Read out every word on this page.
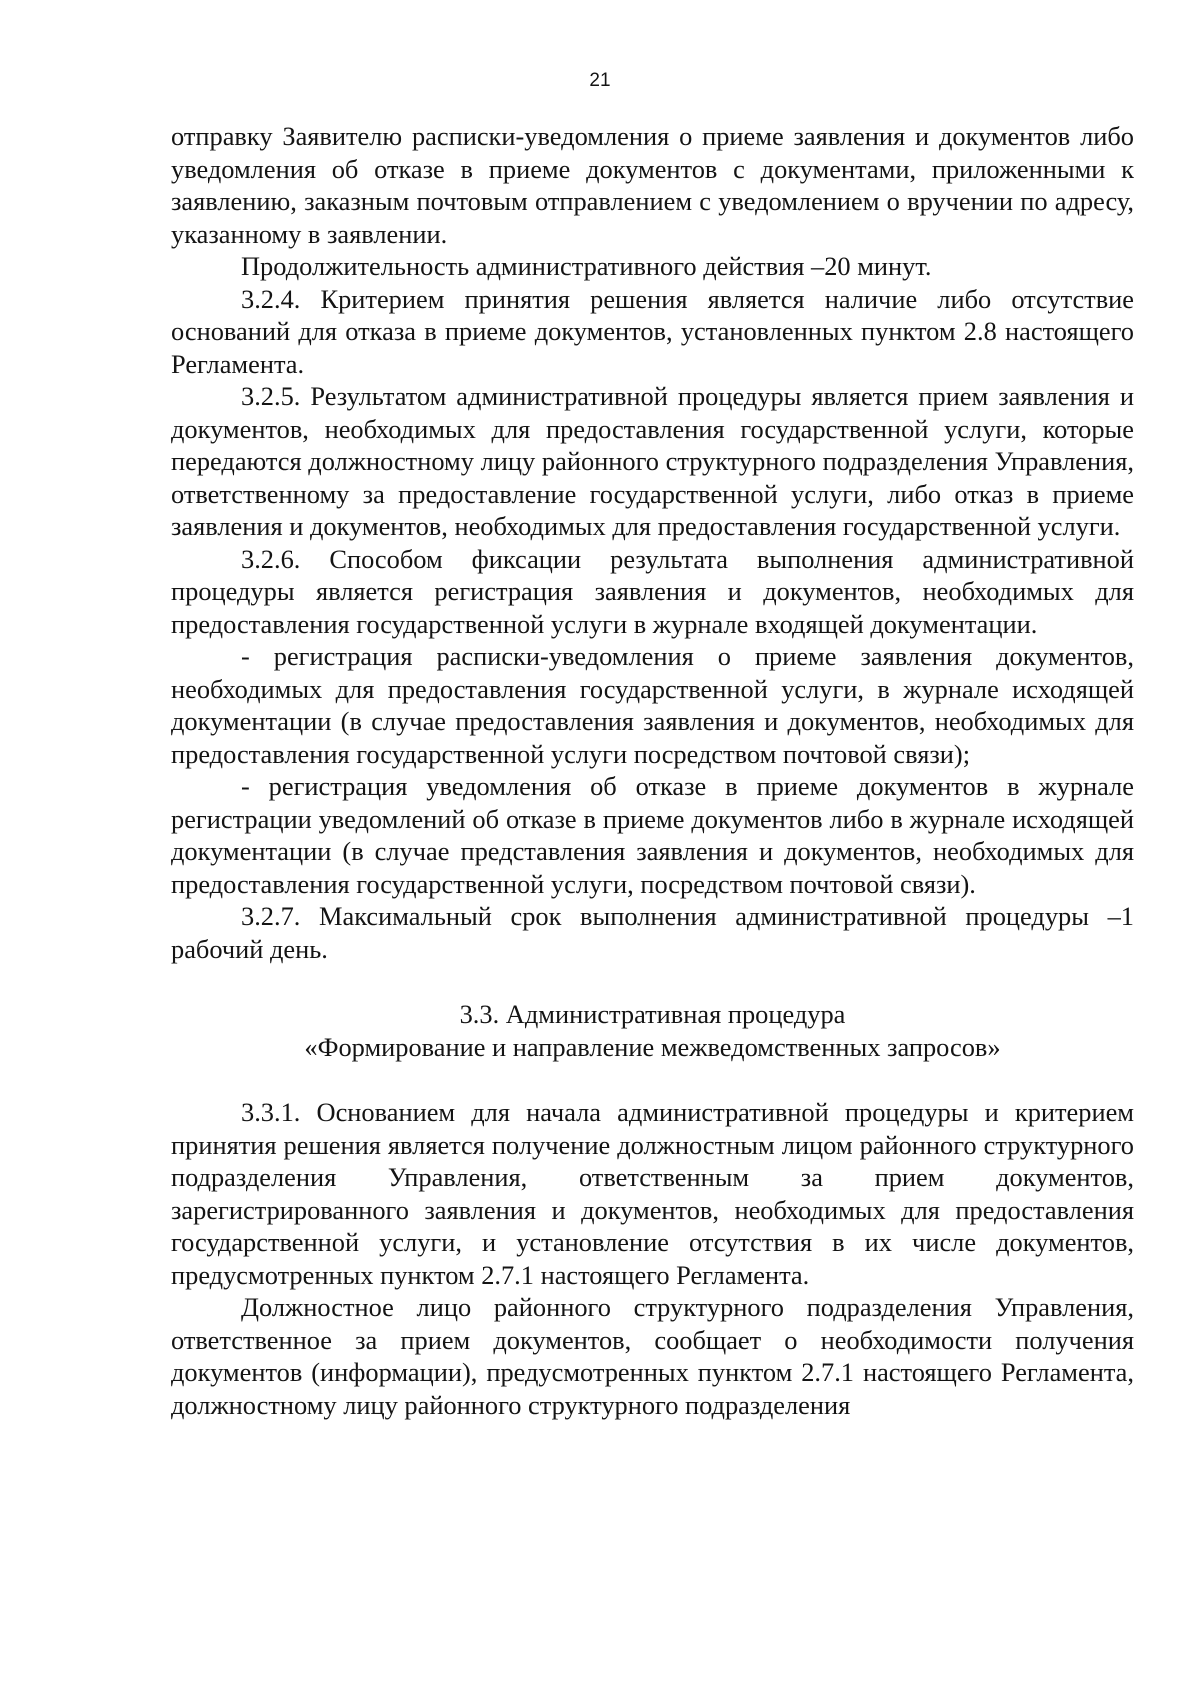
21

отправку Заявителю расписки-уведомления о приеме заявления и документов либо уведомления об отказе в приеме документов с документами, приложенными к заявлению, заказным почтовым отправлением с уведомлением о вручении по адресу, указанному в заявлении.

Продолжительность административного действия –20 минут.

3.2.4. Критерием принятия решения является наличие либо отсутствие оснований для отказа в приеме документов, установленных пунктом 2.8 настоящего Регламента.

3.2.5. Результатом административной процедуры является прием заявления и документов, необходимых для предоставления государственной услуги, которые передаются должностному лицу районного структурного подразделения Управления, ответственному за предоставление государственной услуги, либо отказ в приеме заявления и документов, необходимых для предоставления государственной услуги.

3.2.6. Способом фиксации результата выполнения административной процедуры является регистрация заявления и документов, необходимых для предоставления государственной услуги в журнале входящей документации.

- регистрация расписки-уведомления о приеме заявления документов, необходимых для предоставления государственной услуги, в журнале исходящей документации (в случае предоставления заявления и документов, необходимых для предоставления государственной услуги посредством почтовой связи);

- регистрация уведомления об отказе в приеме документов в журнале регистрации уведомлений об отказе в приеме документов либо в журнале исходящей документации (в случае представления заявления и документов, необходимых для предоставления государственной услуги, посредством почтовой связи).

3.2.7. Максимальный срок выполнения административной процедуры –1 рабочий день.

3.3. Административная процедура

«Формирование и направление межведомственных запросов»

3.3.1. Основанием для начала административной процедуры и критерием принятия решения является получение должностным лицом районного структурного подразделения Управления, ответственным за прием документов, зарегистрированного заявления и документов, необходимых для предоставления государственной услуги, и установление отсутствия в их числе документов, предусмотренных пунктом 2.7.1 настоящего Регламента.

Должностное лицо районного структурного подразделения Управления, ответственное за прием документов, сообщает о необходимости получения документов (информации), предусмотренных пунктом 2.7.1 настоящего Регламента, должностному лицу районного структурного подразделения
